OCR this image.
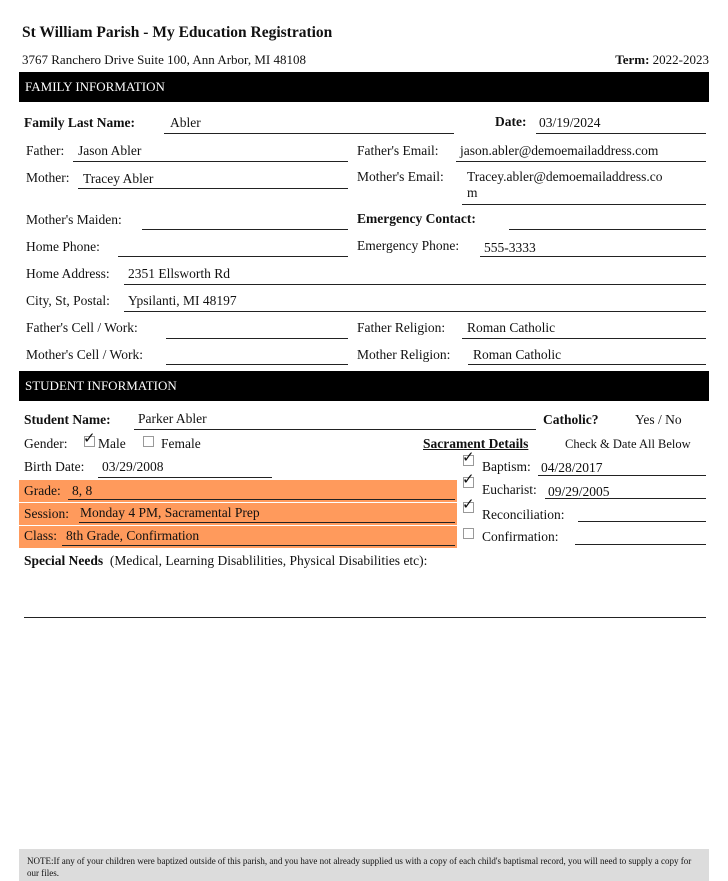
St William Parish - My Education Registration
3767 Ranchero Drive Suite 100, Ann Arbor, MI 48108	Term: 2022-2023
FAMILY INFORMATION
Family Last Name:	Abler	Date: 03/19/2024
Father: Jason Abler	Father's Email: jason.abler@demoemailaddress.com
Mother: Tracey Abler	Mother's Email: Tracey.abler@demoemailaddress.co
m
Mother's Maiden:	Emergency Contact:
Home Phone:	Emergency Phone: 555-3333
Home Address: 2351 Ellsworth Rd
City, St, Postal: Ypsilanti, MI 48197
Father's Cell / Work:	Father Religion: Roman Catholic
Mother's Cell / Work:	Mother Religion: Roman Catholic
STUDENT INFORMATION
Student Name: Parker Abler	Catholic?	Yes / No
Gender: ✓ Male	Female	Sacrament Details	Check & Date All Below
Birth Date: 03/29/2008
Grade: 8, 8
Session: Monday 4 PM, Sacramental Prep
Class: 8th Grade, Confirmation
✓
Baptism: 04/28/2017
✓
Eucharist: 09/29/2005
✓
Reconciliation:
Confirmation:
Special Needs (Medical, Learning Disablilities, Physical Disabilities etc):
NOTE:If any of your children were baptized outside of this parish, and you have not already supplied us with a copy of each child's baptismal record, you will need to supply a copy for our files.
